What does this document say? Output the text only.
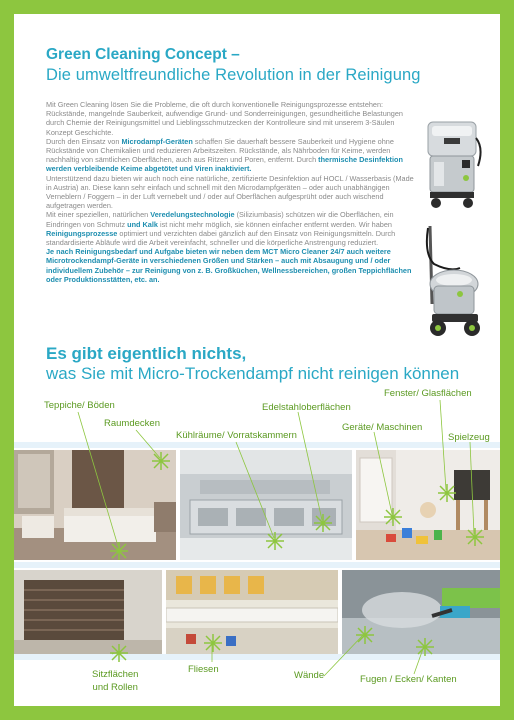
Green Cleaning Concept –
Die umweltfreundliche Revolution in der Reinigung

Mit Green Cleaning lösen Sie die Probleme, die oft durch konventionelle Reinigungsprozesse entstehen: Rückstände, mangelnde Sauberkeit, aufwendige Grund- und Sonderreinigungen, gesundheitliche Belastungen durch Chemie der Reinigungsmittel und Lieblingsschmutzecken der Kontrolleure sind mit unserem 3-Säulen Konzept Geschichte.

Durch den Einsatz von Microdampf-Geräten schaffen Sie dauerhaft bessere Sauberkeit und Hygiene ohne Rückstände von Chemikalien und reduzieren Arbeitszeiten. Rückstände, als Nährboden für Keime, werden nachhaltig von sämtlichen Oberflächen, auch aus Ritzen und Poren, entfernt. Durch thermische Desinfektion werden verbleibende Keime abgetötet und Viren inaktiviert.

Unterstützend dazu bieten wir auch noch eine natürliche, zertifizierte Desinfektion auf HOCL / Wasserbasis (Made in Austria) an. Diese kann sehr einfach und schnell mit den Microdampfgeräten – oder auch unabhängigen Verneblern / Foggern – in der Luft vernebelt und / oder auf Oberflächen aufgesprüht oder auch wischend aufgetragen werden.

Mit einer speziellen, natürlichen Veredelungstechnologie (Siliziumbasis) schützen wir die Oberflächen, ein Eindringen von Schmutz und Kalk ist nicht mehr möglich, sie können einfacher entfernt werden. Wir haben Reinigungsprozesse optimiert und verzichten dabei gänzlich auf den Einsatz von Reinigungsmitteln. Durch standardisierte Abläufe wird die Arbeit vereinfacht, schneller und die körperliche Anstrengung reduziert.

Je nach Reinigungsbedarf und Aufgabe bieten wir neben dem MCT Micro Cleaner 24/7 auch weitere Microtrockendampf-Geräte in verschiedenen Größen und Stärken – auch mit Absaugung und / oder individuellem Zubehör – zur Reinigung von z. B. Großküchen, Wellnessbereichen, großen Teppichflächen oder Produktionsstätten, etc. an.

Es gibt eigentlich nichts,
was Sie mit Micro-Trockendampf nicht reinigen können
Teppiche/ Böden
Raumdecken
Kühlräume/ Vorratskammern
Edelstahloberflächen
Fenster/ Glasflächen
Geräte/ Maschinen
Spielzeug
Sitzflächen
und Rollen
Fliesen
Wände	Fugen / Ecken/ Kanten
